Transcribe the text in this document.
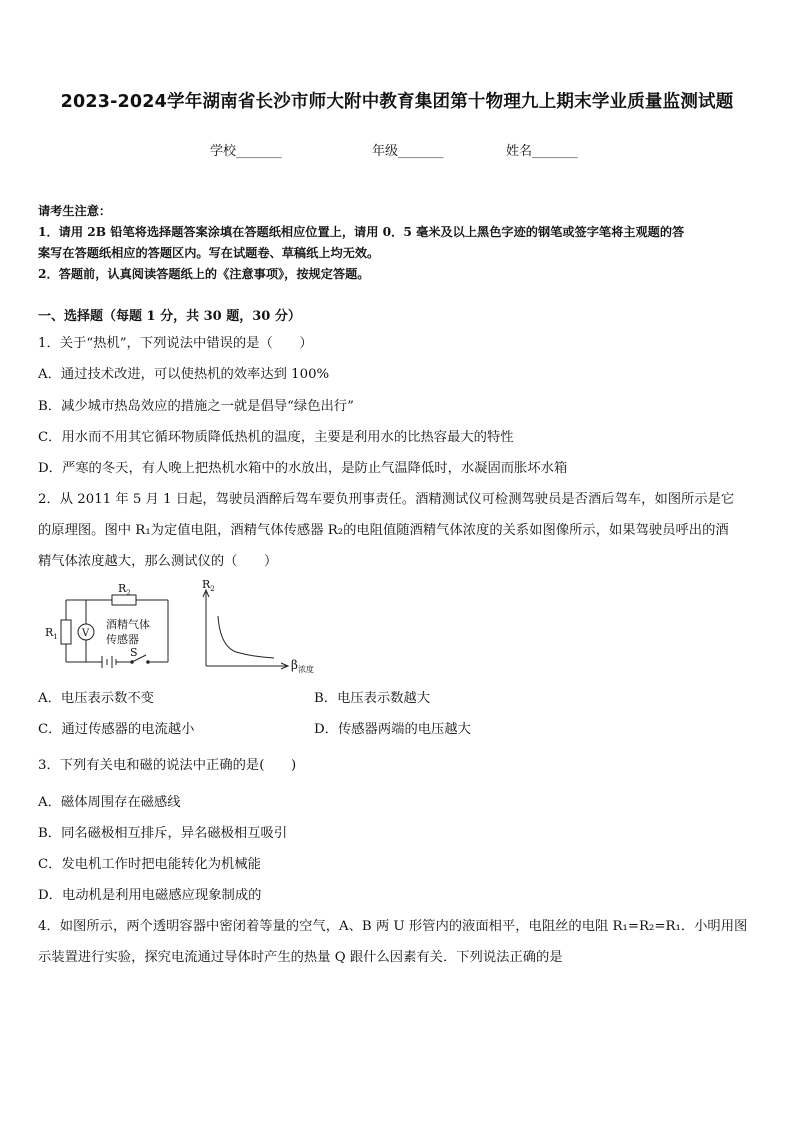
2023-2024学年湖南省长沙市师大附中教育集团第十物理九上期末学业质量监测试题
学校_______	年级_______	姓名_______
请考生注意：
1．请用 2B 铅笔将选择题答案涂填在答题纸相应位置上，请用 0．5 毫米及以上黑色字迹的钢笔或签字笔将主观题的答
案写在答题纸相应的答题区内。写在试题卷、草稿纸上均无效。
2．答题前，认真阅读答题纸上的《注意事项》，按规定答题。
一、选择题（每题 1 分，共 30 题，30 分）
1．关于“热机”，下列说法中错误的是（　　）
A．通过技术改进，可以使热机的效率达到 100%
B．减少城市热岛效应的措施之一就是倡导“绿色出行”
C．用水而不用其它循环物质降低热机的温度，主要是利用水的比热容最大的特性
D．严寒的冬天，有人晚上把热机水箱中的水放出，是防止气温降低时，水凝固而胀坏水箱
2．从 2011 年 5 月 1 日起，驾驶员酒醉后驾车要负刑事责任。酒精测试仪可检测驾驶员是否酒后驾车，如图所示是它
的原理图。图中 R₁为定值电阻，酒精气体传感器 R₂的电阻值随酒精气体浓度的关系如图像所示，如果驾驶员呼出的酒
精气体浓度越大，那么测试仪的（　　）
$R_2$
$R_1$ V
酒精气体
传感器
S
$R_2$
$\beta_{浓度}$
A．电压表示数不变	B．电压表示数越大
C．通过传感器的电流越小	D．传感器两端的电压越大
3．下列有关电和磁的说法中正确的是(　　)
A．磁体周围存在磁感线
B．同名磁极相互排斥，异名磁极相互吸引
C．发电机工作时把电能转化为机械能
D．电动机是利用电磁感应现象制成的
4．如图所示，两个透明容器中密闭着等量的空气，A、B 两 U 形管内的液面相平，电阻丝的电阻 R₁=R₂=R₁．小明用图
示装置进行实验，探究电流通过导体时产生的热量 Q 跟什么因素有关．下列说法正确的是
